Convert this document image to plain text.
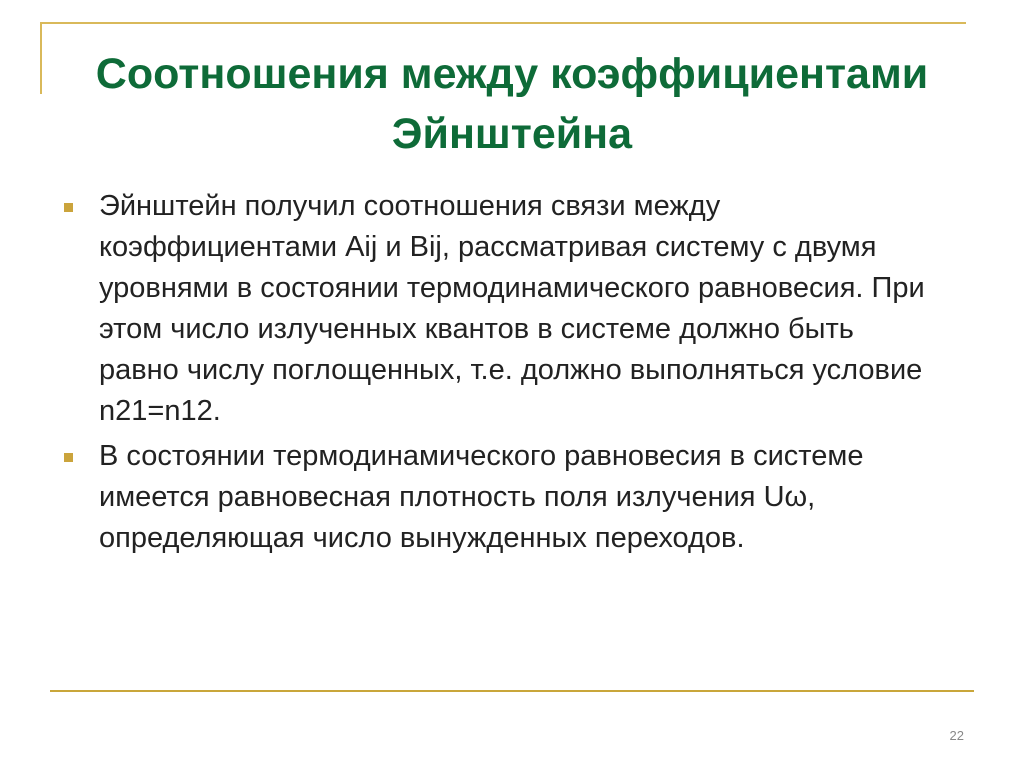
Соотношения между коэффициентами Эйнштейна
Эйнштейн получил соотношения связи между коэффициентами Aij и Bij, рассматривая систему с двумя уровнями в состоянии термодинамического равновесия. При этом число излученных квантов в системе должно быть равно числу поглощенных, т.е. должно выполняться условие n21=n12.
В состоянии термодинамического равновесия в системе имеется равновесная плотность поля излучения Uω, определяющая число вынужденных переходов.
22
